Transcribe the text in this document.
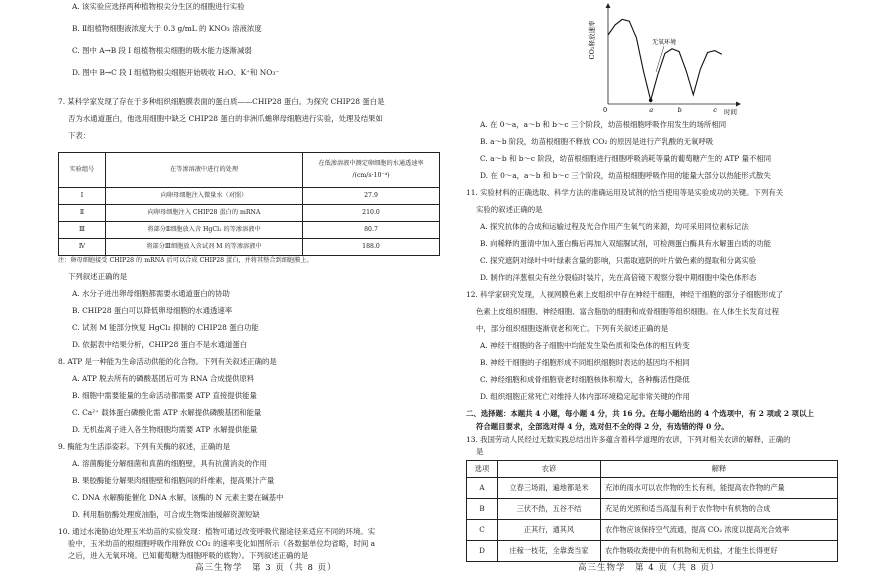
A. 该实验应选择两种植物根尖分生区的细胞进行实验
B. Ⅱ组植物细胞液浓度大于 0.3 g/mL 的 KNO₃ 溶液浓度
C. 图中 A→B 段 Ⅰ 组植物根尖细胞的吸水能力逐渐减弱
D. 图中 B→C 段 Ⅰ 组植物根尖细胞开始吸收 H₂O、K⁺和 NO₃⁻
7. 某科学家发现了存在于多种组织细胞膜表面的蛋白质——CHIP28 蛋白。为探究 CHIP28 蛋白是
否为水通道蛋白，他选用细胞中缺乏 CHIP28 蛋白的非洲爪蟾卵母细胞进行实验，处理及结果如
下表：
实验组号	在等渗溶液中进行的处理	在低渗溶液中测定卵细胞的水通透速率
/(cm/s·10⁻⁴)

Ⅰ	向卵母细胞注入微量水（对照）	27.9
Ⅱ	向卵母细胞注入 CHIP28 蛋白的 mRNA	210.0
Ⅲ	将部分Ⅱ细胞放入含 HgCl₂ 的等渗溶液中	80.7
Ⅳ	将部分Ⅲ细胞放入含试剂 M 的等渗溶液中	188.0
注：卵母细胞接受 CHIP28 的 mRNA 后可以合成 CHIP28 蛋白，并将其整合到细胞膜上。
下列叙述正确的是
A. 水分子进出卵母细胞都需要水通道蛋白的协助
B. CHIP28 蛋白可以降低卵母细胞的水通透速率
C. 试剂 M 能部分恢复 HgCl₂ 抑制的 CHIP28 蛋白功能
D. 依据表中结果分析，CHIP28 蛋白不是水通道蛋白
8. ATP 是一种能为生命活动供能的化合物。下列有关叙述正确的是
A. ATP 脱去所有的磷酸基团后可为 RNA 合成提供原料
B. 细胞中需要能量的生命活动都需要 ATP 直接提供能量
C. Ca²⁺ 载体蛋白磷酸化需 ATP 水解提供磷酸基团和能量
D. 无机盐离子进入各生物细胞均需要 ATP 水解提供能量
9. 酶能为生活添姿彩。下列有关酶的叙述，正确的是
A. 溶菌酶能分解细菌和真菌的细胞壁，具有抗菌消炎的作用
B. 果胶酶能分解果肉细胞壁和细胞间的纤维素，提高果汁产量
C. DNA 水解酶能催化 DNA 水解，该酶的 N 元素主要在碱基中
D. 利用脂肪酶处理废油脂，可合成生物柴油缓解资源短缺
10. 通过水淹胁迫处理玉米幼苗的实验发现：植物可通过改变呼吸代谢途径来适应不同的环境。实
验中，玉米幼苗的根细胞呼吸作用释放 CO₂ 的速率变化如图所示（各数据单位均省略，时间 a
高三生物学　第 3 页（共 8 页）
CO₂释放速率
时间
0	a	b	c
无氧环境
A. 在 0～a，a～b 和 b～c 三个阶段，幼苗根细胞呼吸作用发生的场所相同
B. a～b 阶段，幼苗根细胞不释放 CO₂ 的原因是进行产乳酸的无氧呼吸
C. a～b 和 b～c 阶段，幼苗根细胞进行细胞呼吸消耗等量的葡萄糖产生的 ATP 量不相同
D. 在 0～a，a～b 和 b～c 三个阶段，幼苗根细胞呼吸作用的能量大部分以热能形式散失
11. 实验材料的正确选取、科学方法的准确运用及试剂的恰当使用等是实验成功的关键。下列有关
实验的叙述正确的是
A. 探究抗体的合成和运输过程及光合作用产生氧气的来源，均可采用同位素标记法
B. 向稀释的蛋清中加入蛋白酶后再加入双缩脲试剂，可检测蛋白酶具有水解蛋白质的功能
C. 探究遮阴对绿叶中叶绿素含量的影响，只需取遮阴的叶片做色素的提取和分离实验
D. 制作的洋葱根尖有丝分裂临时装片，先在高倍镜下观察分裂中期细胞中染色体形态
12. 科学家研究发现，人视网膜色素上皮组织中存在神经干细胞，神经干细胞的部分子细胞形成了
色素上皮组织细胞、神经细胞、富含脂肪的细胞和成骨细胞等组织细胞。在人体生长发育过程
中，部分组织细胞逐渐衰老和死亡。下列有关叙述正确的是
A. 神经干细胞的各子细胞中均能发生染色质和染色体的相互转变
B. 神经干细胞的子细胞形成不同组织细胞时表达的基因均不相同
C. 神经细胞和成骨细胞衰老时细胞核体积增大，各种酶活性降低
D. 组织细胞正常死亡对维持人体内部环境稳定起非常关键的作用
二、选择题：本题共 4 小题，每小题 4 分，共 16 分。在每小题给出的 4 个选项中，有 2 项或 2 项以上
符合题目要求，全部选对得 4 分，选对但不全的得 2 分，有选错的得 0 分。
选项	农谚	解释
A	立春三场雨，遍地都是米	充沛的雨水可以农作物的生长有利，能提高农作物的产量
B	三伏不热，五谷不结	充足的光照和适当高温有利于农作物中有机物的合成
C	正其行，通其风	农作物应该保持空气流通，提高 CO₂ 浓度以提高光合效率
D	庄稼一枝花，全靠粪当家	农作物吸收粪便中的有机物和无机盐，才能生长得更好
13. 我国劳动人民经过无数实践总结出许多蕴含着科学道理的农谚，下列对相关农谚的解释，正确的
高三生物学　第 4 页（共 8 页）
之后，进入无氧环境。已知葡萄糖为细胞呼吸的底物）。下列叙述正确的是
是
